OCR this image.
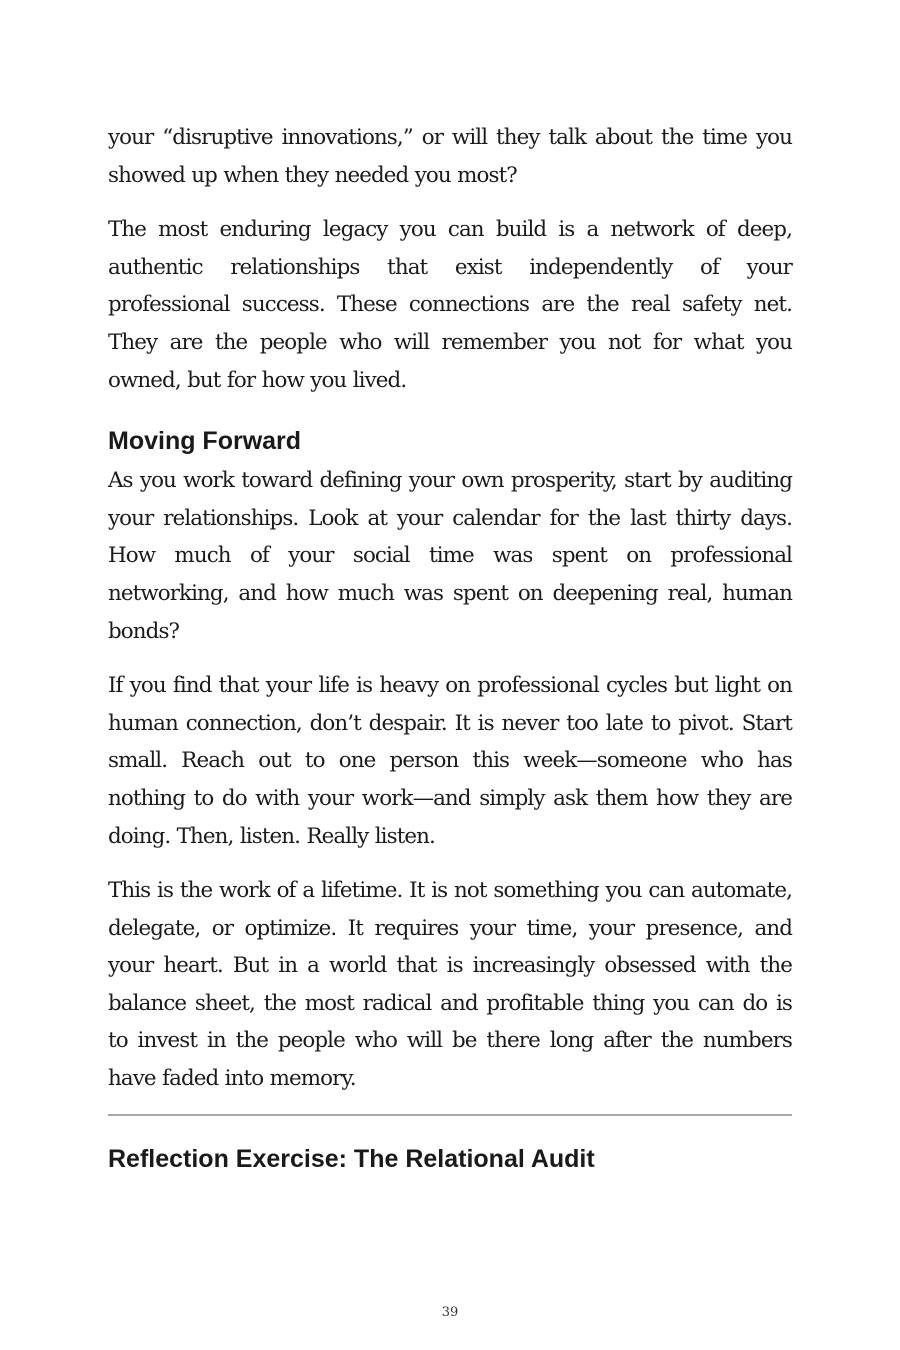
your “disruptive innovations,” or will they talk about the time you showed up when they needed you most?

The most enduring legacy you can build is a network of deep, authentic relationships that exist independently of your professional success. These connections are the real safety net. They are the people who will remember you not for what you owned, but for how you lived.

Moving Forward

As you work toward defining your own prosperity, start by auditing your relationships. Look at your calendar for the last thirty days. How much of your social time was spent on professional networking, and how much was spent on deepening real, human bonds?

If you find that your life is heavy on professional cycles but light on human connection, don’t despair. It is never too late to pivot. Start small. Reach out to one person this week—someone who has nothing to do with your work—and simply ask them how they are doing. Then, listen. Really listen.

This is the work of a lifetime. It is not something you can automate, delegate, or optimize. It requires your time, your presence, and your heart. But in a world that is increasingly obsessed with the balance sheet, the most radical and profitable thing you can do is to invest in the people who will be there long after the numbers have faded into memory.

Reflection Exercise: The Relational Audit
39
